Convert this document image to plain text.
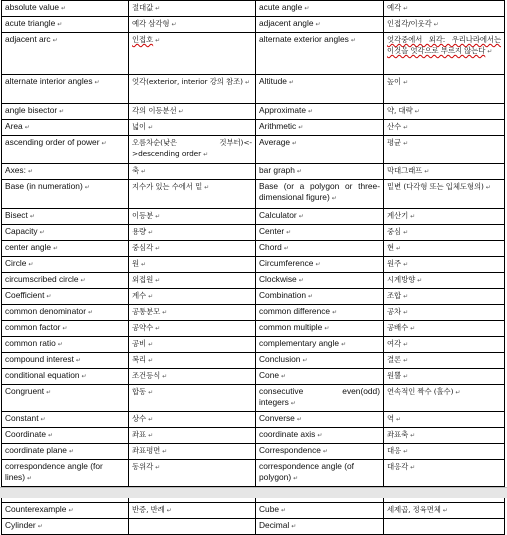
absolute value ↵	절대값 ↵	acute angle ↵	예각 ↵
acute triangle ↵	예각 삼각형 ↵	adjacent angle ↵	인접각/이웃각 ↵
adjacent arc ↵	인접호 ↵	alternate exterior angles ↵	엇각중에서 외각: 우리나라에서는 이것을 엇각으로 부르지 않는다 ↵
alternate interior angles ↵	엇각(exterior, interior 강의 참조) ↵	Altitude ↵	높이 ↵
angle bisector ↵	각의 이등분선 ↵	Approximate ↵	약, 대략 ↵
Area ↵	넓이 ↵	Arithmetic ↵	산수 ↵
ascending order of power ↵	오름차순(낮은 것부터)<->descending order ↵	Average ↵	평균 ↵
Axes: ↵	축 ↵	bar graph ↵	막대그래프 ↵
Base (in numeration) ↵	지수가 있는 수에서 밑 ↵	Base (or a polygon or three-dimensional figure) ↵	밑변 (다각형 또는 입체도형의) ↵
Bisect ↵	이등분 ↵	Calculator ↵	계산기 ↵
Capacity ↵	용량 ↵	Center ↵	중심 ↵
center angle ↵	중심각 ↵	Chord ↵	현 ↵
Circle ↵	원 ↵	Circumference ↵	원주 ↵
circumscribed circle ↵	외접원 ↵	Clockwise ↵	시계방향 ↵
Coefficient ↵	계수 ↵	Combination ↵	조합 ↵
common denominator ↵	공통분모 ↵	common difference ↵	공차 ↵
common factor ↵	공약수 ↵	common multiple ↵	공배수 ↵
common ratio ↵	공비 ↵	complementary angle ↵	여각 ↵
compound interest ↵	복리 ↵	Conclusion ↵	결론 ↵
conditional equation ↵	조건등식 ↵	Cone ↵	원뿔 ↵
Congruent ↵	합동 ↵	consecutive even(odd) integers ↵	연속적인 짝수 (홀수) ↵
Constant ↵	상수 ↵	Converse ↵	역 ↵
Coordinate ↵	좌표 ↵	coordinate axis ↵	좌표축 ↵
coordinate plane ↵	좌표평면 ↵	Correspondence ↵	대응 ↵
correspondence angle (for lines) ↵	동위각 ↵	correspondence angle (of polygon) ↵	대응각 ↵

Counterexample ↵	반증, 반례 ↵	Cube ↵	세제곱, 정육면체 ↵
Cylinder ↵		Decimal ↵	
